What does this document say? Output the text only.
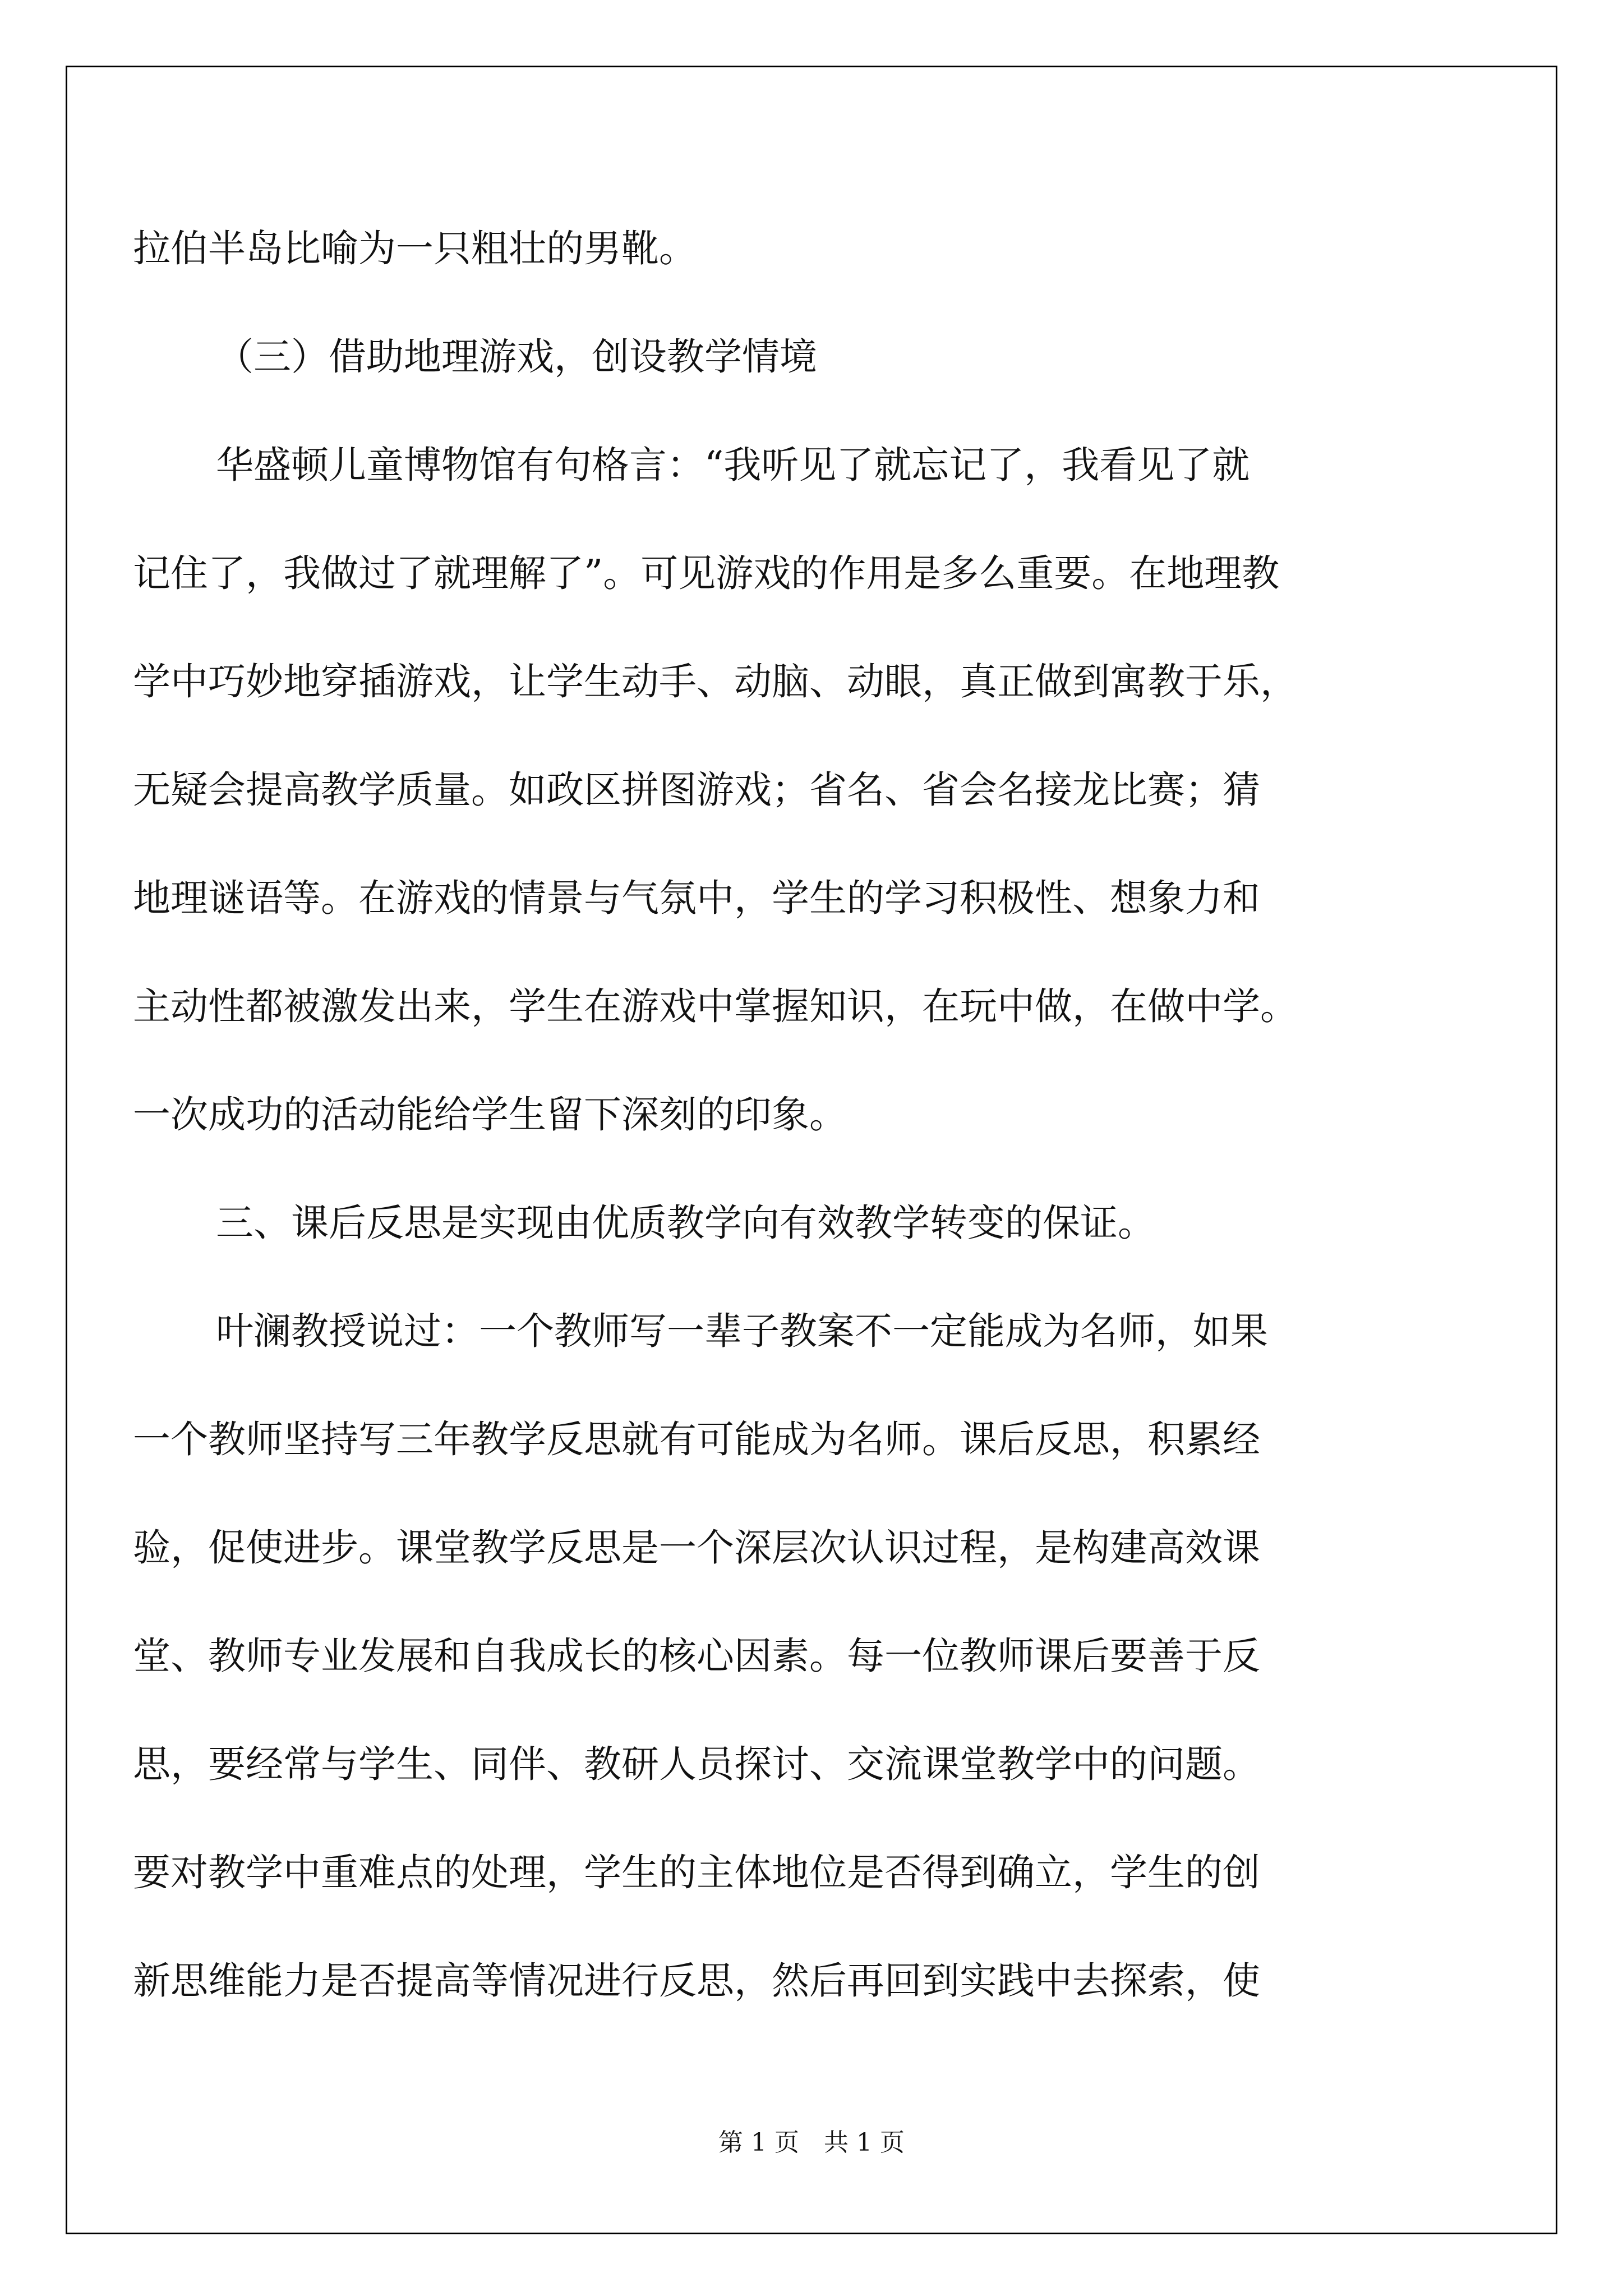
拉伯半岛比喻为一只粗壮的男靴。
（三）借助地理游戏，创设教学情境
华盛顿儿童博物馆有句格言：“我听见了就忘记了，我看见了就
记住了，我做过了就理解了”。可见游戏的作用是多么重要。在地理教
学中巧妙地穿插游戏，让学生动手、动脑、动眼，真正做到寓教于乐，
无疑会提高教学质量。如政区拼图游戏；省名、省会名接龙比赛；猜
地理谜语等。在游戏的情景与气氛中，学生的学习积极性、想象力和
主动性都被激发出来，学生在游戏中掌握知识，在玩中做，在做中学。
一次成功的活动能给学生留下深刻的印象。
三、课后反思是实现由优质教学向有效教学转变的保证。
叶澜教授说过：一个教师写一辈子教案不一定能成为名师，如果
一个教师坚持写三年教学反思就有可能成为名师。课后反思，积累经
验，促使进步。课堂教学反思是一个深层次认识过程，是构建高效课
堂、教师专业发展和自我成长的核心因素。每一位教师课后要善于反
思，要经常与学生、同伴、教研人员探讨、交流课堂教学中的问题。
要对教学中重难点的处理，学生的主体地位是否得到确立，学生的创
新思维能力是否提高等情况进行反思，然后再回到实践中去探索，使
第 1 页　共 1 页
